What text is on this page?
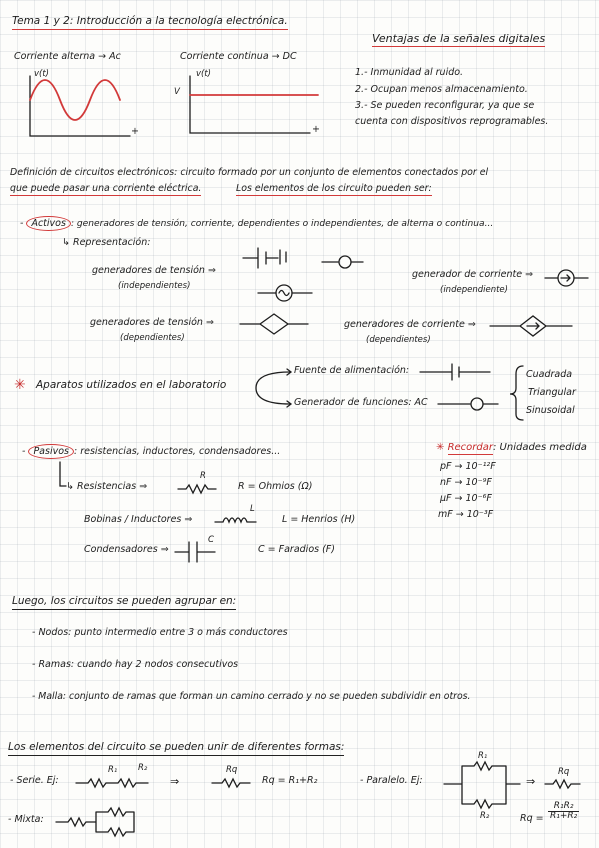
Tema 1 y 2: Introducción a la tecnología electrónica.
Corriente alterna → Ac	Corriente continua → DC
v(t)	v(t)
V
+	+
Ventajas de la señales digitales
1.- Inmunidad al ruido.
2.- Ocupan menos almacenamiento.
3.- Se pueden reconfigurar, ya que se
cuenta con dispositivos reprogramables.
Definición de circuitos electrónicos: circuito formado por un conjunto de elementos conectados por el
que puede pasar una corriente eléctrica.	Los elementos de los circuito pueden ser:
- Activos : generadores de tensión, corriente, dependientes o independientes, de alterna o continua...
↳ Representación:
generadores de tensión ⇒
(independientes)
generador de corriente ⇒
(independiente)
generadores de tensión ⇒
(dependientes)
generadores de corriente ⇒
(dependientes)
✳ Aparatos utilizados en el laboratorio
Fuente de alimentación:
Generador de funciones: AC
Cuadrada
Triangular
Sinusoidal
- Pasivos : resistencias, inductores, condensadores...
↳ Resistencias ⇒
R
R = Ohmios (Ω)
Bobinas / Inductores ⇒
L
L = Henrios (H)
Condensadores ⇒
C
C = Faradios (F)
✳ Recordar: Unidades medida
pF → 10⁻¹²F
nF → 10⁻⁹F
μF → 10⁻⁶F
mF → 10⁻³F
Luego, los circuitos se pueden agrupar en:
- Nodos: punto intermedio entre 3 o más conductores
- Ramas: cuando hay 2 nodos consecutivos
- Malla: conjunto de ramas que forman un camino cerrado y no se pueden subdividir en otros.
Los elementos del circuito se pueden unir de diferentes formas:
- Serie. Ej:
R₁ R₂
⇒
Rq
Rq = R₁+R₂	- Paralelo. Ej:
R₁
R₂
⇒
Rq
$Rq = \frac{\text{R₁R₂}}{\text{R₁+R₂}}$
- Mixta:
